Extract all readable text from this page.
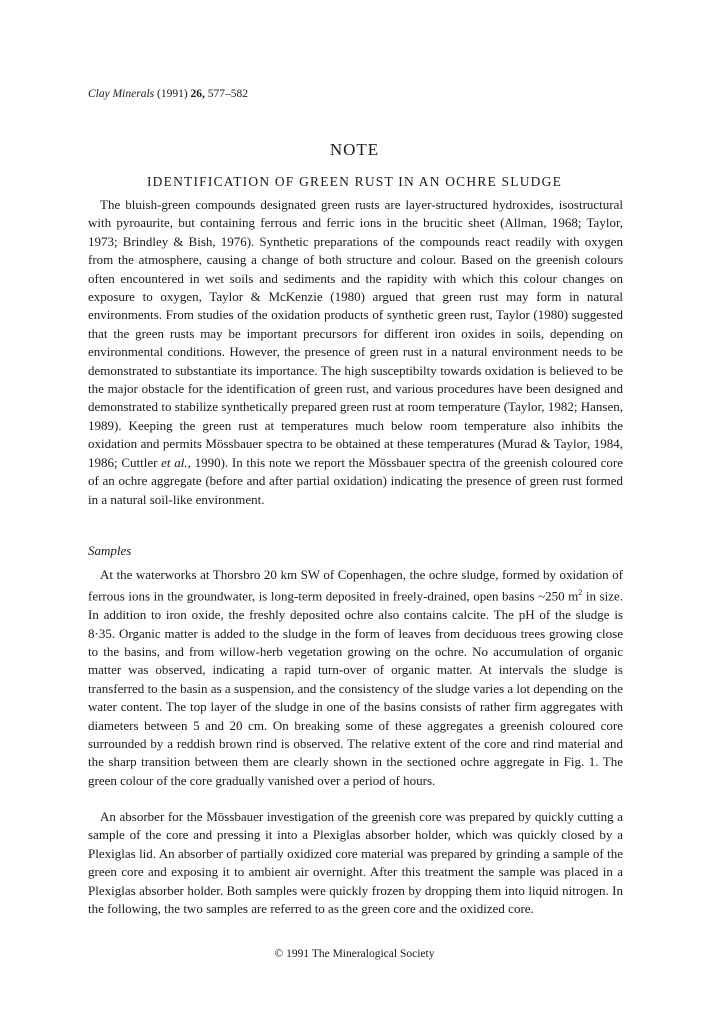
Clay Minerals (1991) 26, 577–582
NOTE
IDENTIFICATION OF GREEN RUST IN AN OCHRE SLUDGE

The bluish-green compounds designated green rusts are layer-structured hydroxides, isostructural with pyroaurite, but containing ferrous and ferric ions in the brucitic sheet (Allman, 1968; Taylor, 1973; Brindley & Bish, 1976). Synthetic preparations of the compounds react readily with oxygen from the atmosphere, causing a change of both structure and colour. Based on the greenish colours often encountered in wet soils and sediments and the rapidity with which this colour changes on exposure to oxygen, Taylor & McKenzie (1980) argued that green rust may form in natural environments. From studies of the oxidation products of synthetic green rust, Taylor (1980) suggested that the green rusts may be important precursors for different iron oxides in soils, depending on environmental conditions. However, the presence of green rust in a natural environment needs to be demonstrated to substantiate its importance. The high susceptibilty towards oxidation is believed to be the major obstacle for the identification of green rust, and various procedures have been designed and demonstrated to stabilize synthetically prepared green rust at room temperature (Taylor, 1982; Hansen, 1989). Keeping the green rust at temperatures much below room temperature also inhibits the oxidation and permits Mössbauer spectra to be obtained at these temperatures (Murad & Taylor, 1984, 1986; Cuttler et al., 1990). In this note we report the Mössbauer spectra of the greenish coloured core of an ochre aggregate (before and after partial oxidation) indicating the presence of green rust formed in a natural soil-like environment.

Samples

At the waterworks at Thorsbro 20 km SW of Copenhagen, the ochre sludge, formed by oxidation of ferrous ions in the groundwater, is long-term deposited in freely-drained, open basins ~250 $m^2$ in size. In addition to iron oxide, the freshly deposited ochre also contains calcite. The pH of the sludge is 8·35. Organic matter is added to the sludge in the form of leaves from deciduous trees growing close to the basins, and from willow-herb vegetation growing on the ochre. No accumulation of organic matter was observed, indicating a rapid turn-over of organic matter. At intervals the sludge is transferred to the basin as a suspension, and the consistency of the sludge varies a lot depending on the water content. The top layer of the sludge in one of the basins consists of rather firm aggregates with diameters between 5 and 20 cm. On breaking some of these aggregates a greenish coloured core surrounded by a reddish brown rind is observed. The relative extent of the core and rind material and the sharp transition between them are clearly shown in the sectioned ochre aggregate in Fig. 1. The green colour of the core gradually vanished over a period of hours.

An absorber for the Mössbauer investigation of the greenish core was prepared by quickly cutting a sample of the core and pressing it into a Plexiglas absorber holder, which was quickly closed by a Plexiglas lid. An absorber of partially oxidized core material was prepared by grinding a sample of the green core and exposing it to ambient air overnight. After this treatment the sample was placed in a Plexiglas absorber holder. Both samples were quickly frozen by dropping them into liquid nitrogen. In the following, the two samples are referred to as the green core and the oxidized core.

© 1991 The Mineralogical Society
